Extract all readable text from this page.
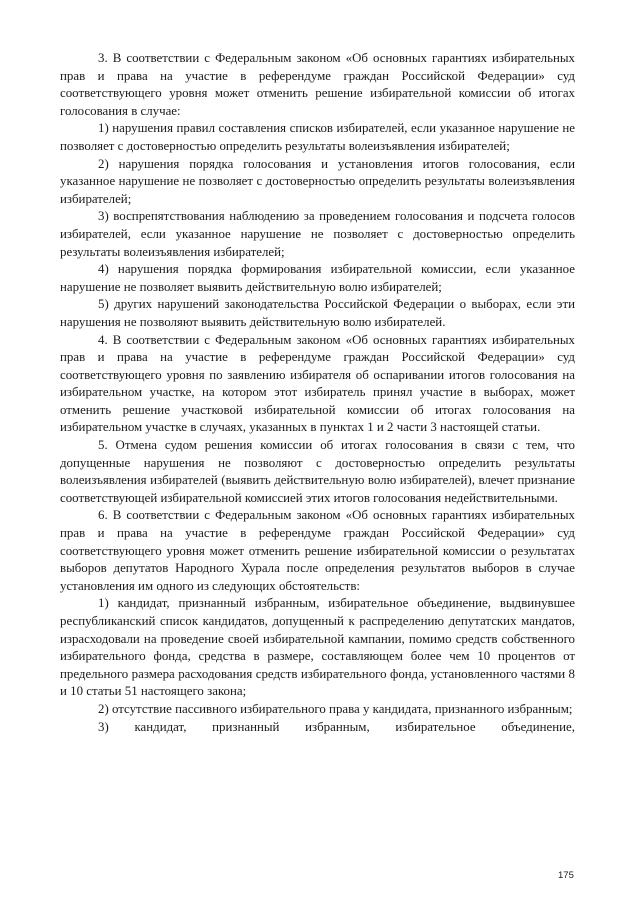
3. В соответствии с Федеральным законом «Об основных гарантиях избирательных прав и права на участие в референдуме граждан Российской Федерации» суд соответствующего уровня может отменить решение избирательной комиссии об итогах голосования в случае:

1) нарушения правил составления списков избирателей, если указанное нарушение не позволяет с достоверностью определить результаты волеизъявления избирателей;

2) нарушения порядка голосования и установления итогов голосования, если указанное нарушение не позволяет с достоверностью определить результаты волеизъявления избирателей;

3) воспрепятствования наблюдению за проведением голосования и подсчета голосов избирателей, если указанное нарушение не позволяет с достоверностью определить результаты волеизъявления избирателей;

4) нарушения порядка формирования избирательной комиссии, если указанное нарушение не позволяет выявить действительную волю избирателей;

5) других нарушений законодательства Российской Федерации о выборах, если эти нарушения не позволяют выявить действительную волю избирателей.

4. В соответствии с Федеральным законом «Об основных гарантиях избирательных прав и права на участие в референдуме граждан Российской Федерации» суд соответствующего уровня по заявлению избирателя об оспаривании итогов голосования на избирательном участке, на котором этот избиратель принял участие в выборах, может отменить решение участковой избирательной комиссии об итогах голосования на избирательном участке в случаях, указанных в пунктах 1 и 2 части 3 настоящей статьи.

5. Отмена судом решения комиссии об итогах голосования в связи с тем, что допущенные нарушения не позволяют с достоверностью определить результаты волеизъявления избирателей (выявить действительную волю избирателей), влечет признание соответствующей избирательной комиссией этих итогов голосования недействительными.

6. В соответствии с Федеральным законом «Об основных гарантиях избирательных прав и права на участие в референдуме граждан Российской Федерации» суд соответствующего уровня может отменить решение избирательной комиссии о результатах выборов депутатов Народного Хурала после определения результатов выборов в случае установления им одного из следующих обстоятельств:

1) кандидат, признанный избранным, избирательное объединение, выдвинувшее республиканский список кандидатов, допущенный к распределению депутатских мандатов, израсходовали на проведение своей избирательной кампании, помимо средств собственного избирательного фонда, средства в размере, составляющем более чем 10 процентов от предельного размера расходования средств избирательного фонда, установленного частями 8 и 10 статьи 51 настоящего закона;

2) отсутствие пассивного избирательного права у кандидата, признанного избранным;

3) кандидат, признанный избранным, избирательное объединение,

175
